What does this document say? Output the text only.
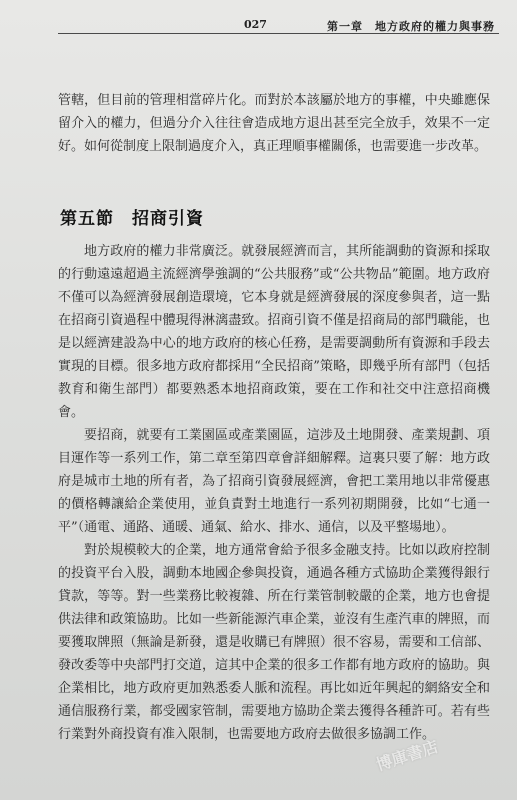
027	第一章　地方政府的權力與事務

管轄，但目前的管理相當碎片化。而對於本該屬於地方的事權，中央雖應保留介入的權力，但過分介入往往會造成地方退出甚至完全放手，效果不一定好。如何從制度上限制過度介入，真正理順事權關係，也需要進一步改革。

第五節　招商引資

地方政府的權力非常廣泛。就發展經濟而言，其所能調動的資源和採取的行動遠遠超過主流經濟學強調的“公共服務”或“公共物品”範圍。地方政府不僅可以為經濟發展創造環境，它本身就是經濟發展的深度參與者，這一點在招商引資過程中體現得淋漓盡致。招商引資不僅是招商局的部門職能，也是以經濟建設為中心的地方政府的核心任務，是需要調動所有資源和手段去實現的目標。很多地方政府都採用“全民招商”策略，即幾乎所有部門（包括教育和衛生部門）都要熟悉本地招商政策，要在工作和社交中注意招商機會。

要招商，就要有工業園區或產業園區，這涉及土地開發、產業規劃、項目運作等一系列工作，第二章至第四章會詳細解釋。這裏只要了解：地方政府是城市土地的所有者，為了招商引資發展經濟，會把工業用地以非常優惠的價格轉讓給企業使用，並負責對土地進行一系列初期開發，比如“七通一平”（通電、通路、通暖、通氣、給水、排水、通信，以及平整場地）。

對於規模較大的企業，地方通常會給予很多金融支持。比如以政府控制的投資平台入股，調動本地國企參與投資，通過各種方式協助企業獲得銀行貸款，等等。對一些業務比較複雜、所在行業管制較嚴的企業，地方也會提供法律和政策協助。比如一些新能源汽車企業，並沒有生產汽車的牌照，而要獲取牌照（無論是新發，還是收購已有牌照）很不容易，需要和工信部、發改委等中央部門打交道，這其中企業的很多工作都有地方政府的協助。與企業相比，地方政府更加熟悉委人脈和流程。再比如近年興起的網絡安全和通信服務行業，都受國家管制，需要地方協助企業去獲得各種許可。若有些行業對外商投資有准入限制，也需要地方政府去做很多協調工作。

博庫書店
